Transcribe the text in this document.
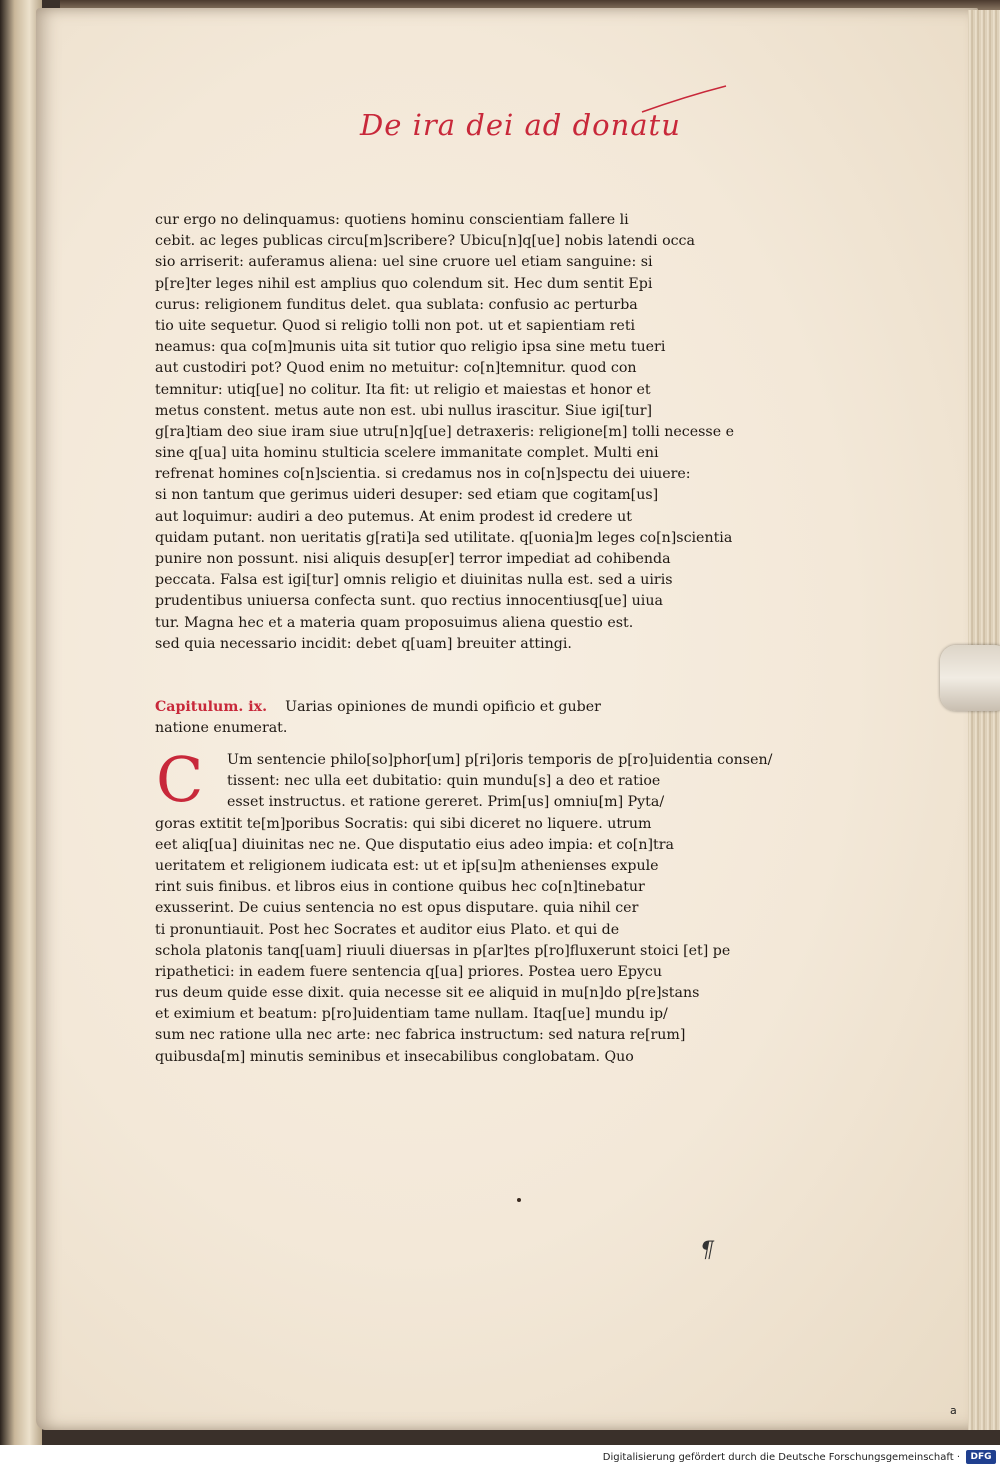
De ira dei ad donatu
cur ergo no delinquamus: quotiens hominu conscientiam fallere li
cebit. ac leges publicas circu[m]scribere? Ubicu[n]q[ue] nobis latendi occa
sio arriserit: auferamus aliena: uel sine cruore uel etiam sanguine: si
p[re]ter leges nihil est amplius quo colendum sit. Hec dum sentit Epi
curus: religionem funditus delet. qua sublata: confusio ac perturba
tio uite sequetur. Quod si religio tolli non pot. ut et sapientiam reti
neamus: qua co[m]munis uita sit tutior quo religio ipsa sine metu tueri
aut custodiri pot? Quod enim no metuitur: co[n]temnitur. quod con
temnitur: utiq[ue] no colitur. Ita fit: ut religio et maiestas et honor et
metus constent. metus aute non est. ubi nullus irascitur. Siue igi[tur]
g[ra]tiam deo siue iram siue utru[n]q[ue] detraxeris: religione[m] tolli necesse e
sine q[ua] uita hominu stulticia scelere immanitate complet. Multi eni
refrenat homines co[n]scientia. si credamus nos in co[n]spectu dei uiuere:
si non tantum que gerimus uideri desuper: sed etiam que cogitam[us]
aut loquimur: audiri a deo putemus. At enim prodest id credere ut
quidam putant. non ueritatis g[rati]a sed utilitate. q[uonia]m leges co[n]scientia
punire non possunt. nisi aliquis desup[er] terror impediat ad cohibenda
peccata. Falsa est igi[tur] omnis religio et diuinitas nulla est. sed a uiris
prudentibus uniuersa confecta sunt. quo rectius innocentiusq[ue] uiua
tur. Magna hec et a materia quam proposuimus aliena questio est.
sed quia necessario incidit: debet q[uam] breuiter attingi.
Capitulum. ix. Uarias opiniones de mundi opificio et guber
natione enumerat.
C	Um sentencie philo[so]phor[um] p[ri]oris temporis de p[ro]uidentia consen/
tissent: nec ulla eet dubitatio: quin mundu[s] a deo et ratioe
esset instructus. et ratione gereret. Prim[us] omniu[m] Pyta/
goras extitit te[m]poribus Socratis: qui sibi diceret no liquere. utrum
eet aliq[ua] diuinitas nec ne. Que disputatio eius adeo impia: et co[n]tra
ueritatem et religionem iudicata est: ut et ip[su]m athenienses expule
rint suis finibus. et libros eius in contione quibus hec co[n]tinebatur
exusserint. De cuius sentencia no est opus disputare. quia nihil cer
ti pronuntiauit. Post hec Socrates et auditor eius Plato. et qui de
schola platonis tanq[uam] riuuli diuersas in p[ar]tes p[ro]fluxerunt stoici [et] pe
ripathetici: in eadem fuere sentencia q[ua] priores. Postea uero Epycu
rus deum quide esse dixit. quia necesse sit ee aliquid in mu[n]do p[re]stans
et eximium et beatum: p[ro]uidentiam tame nullam. Itaq[ue] mundu ip/
sum nec ratione ulla nec arte: nec fabrica instructum: sed natura re[rum]
quibusda[m] minutis seminibus et insecabilibus conglobatam. Quo
¶
a
Digitalisierung gefördert durch die Deutsche Forschungsgemeinschaft ·	DFG
